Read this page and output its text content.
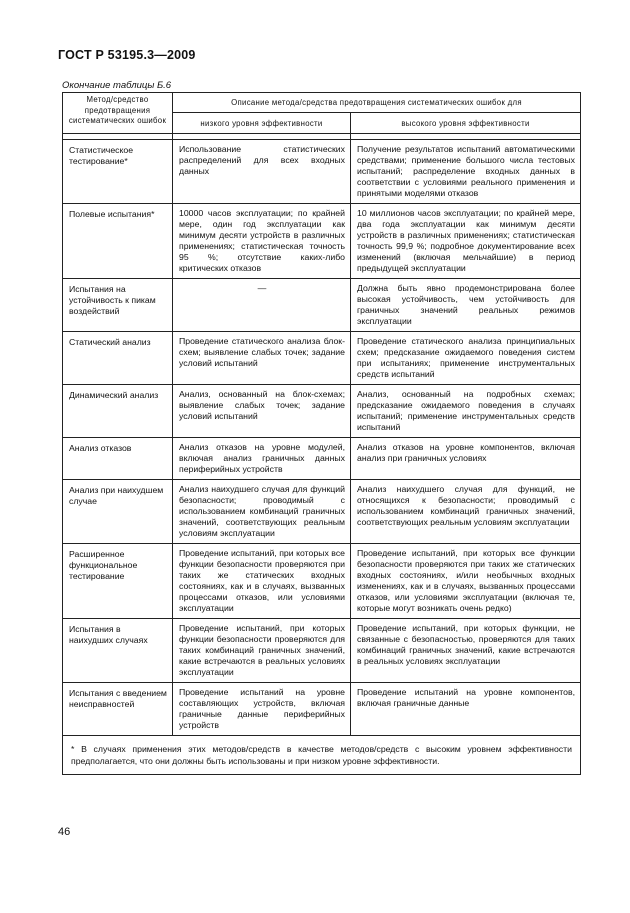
ГОСТ Р 53195.3—2009
Окончание таблицы Б.6
Метод/средство предотвращения систематических ошибок	Описание метода/средства предотвращения систематических ошибок для	
	низкого уровня эффективности	высокого уровня эффективности

Статистическое тестирование*	Использование статистических распределений для всех входных данных	Получение результатов испытаний автоматическими средствами; применение большого числа тестовых испытаний; распределение входных данных в соответствии с условиями реального применения и принятыми моделями отказов

Полевые испытания*	10000 часов эксплуатации; по крайней мере, один год эксплуатации как минимум десяти устройств в различных применениях; статистическая точность 95 %; отсутствие каких-либо критических отказов	10 миллионов часов эксплуатации; по крайней мере, два года эксплуатации как минимум десяти устройств в различных применениях; статистическая точность 99,9 %; подробное документирование всех изменений (включая мельчайшие) в период предыдущей эксплуатации

Испытания на устойчивость к пикам воздействий	—	Должна быть явно продемонстрирована более высокая устойчивость, чем устойчивость для граничных значений реальных режимов эксплуатации

Статический анализ	Проведение статического анализа блок-схем; выявление слабых точек; задание условий испытаний	Проведение статического анализа принципиальных схем; предсказание ожидаемого поведения систем при испытаниях; применение инструментальных средств испытаний

Динамический анализ	Анализ, основанный на блок-схемах; выявление слабых точек; задание условий испытаний	Анализ, основанный на подробных схемах; предсказание ожидаемого поведения в случаях испытаний; применение инструментальных средств испытаний

Анализ отказов	Анализ отказов на уровне модулей, включая анализ граничных данных периферийных устройств	Анализ отказов на уровне компонентов, включая анализ при граничных условиях

Анализ при наихудшем случае	Анализ наихудшего случая для функций безопасности; проводимый с использованием комбинаций граничных значений, соответствующих реальным условиям эксплуатации	Анализ наихудшего случая для функций, не относящихся к безопасности; проводимый с использованием комбинаций граничных значений, соответствующих реальным условиям эксплуатации

Расширенное функциональное тестирование	Проведение испытаний, при которых все функции безопасности проверяются при таких же статических входных состояниях, как и в случаях, вызванных процессами отказов, или условиями эксплуатации	Проведение испытаний, при которых все функции безопасности проверяются при таких же статических входных состояниях, и/или необычных входных изменениях, как и в случаях, вызванных процессами отказов, или условиями эксплуатации (включая те, которые могут возникать очень редко)

Испытания в наихудших случаях	Проведение испытаний, при которых функции безопасности проверяются для таких комбинаций граничных значений, какие встречаются в реальных условиях эксплуатации	Проведение испытаний, при которых функции, не связанные с безопасностью, проверяются для таких комбинаций граничных значений, какие встречаются в реальных условиях эксплуатации

Испытания с введением неисправностей	Проведение испытаний на уровне составляющих устройств, включая граничные данные периферийных устройств	Проведение испытаний на уровне компонентов, включая граничные данные

* В случаях применения этих методов/средств в качестве методов/средств с высоким уровнем эффективности предполагается, что они должны быть использованы и при низком уровне эффективности.		
46
